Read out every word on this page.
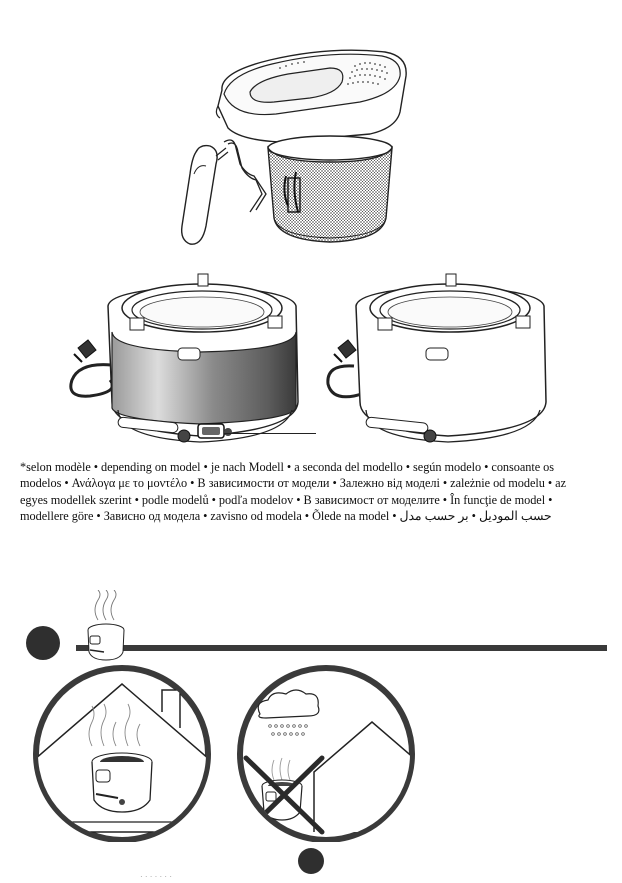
*selon modèle • depending on model • je nach Modell • a seconda del modello • según modelo • consoante os
modelos • Ανάλογα με το μοντέλο • В зависимости от модели • Залежно від моделі • zależnie od modelu • az
egyes modellek szerint • podle modelů • podľa modelov • В зависимост от моделите • În funcţie de model •
modellere göre • Зависно од модела • zavisno od modela • Õlede na model • حسب الموديل • بر حسب مدل
· · · · · · ·
